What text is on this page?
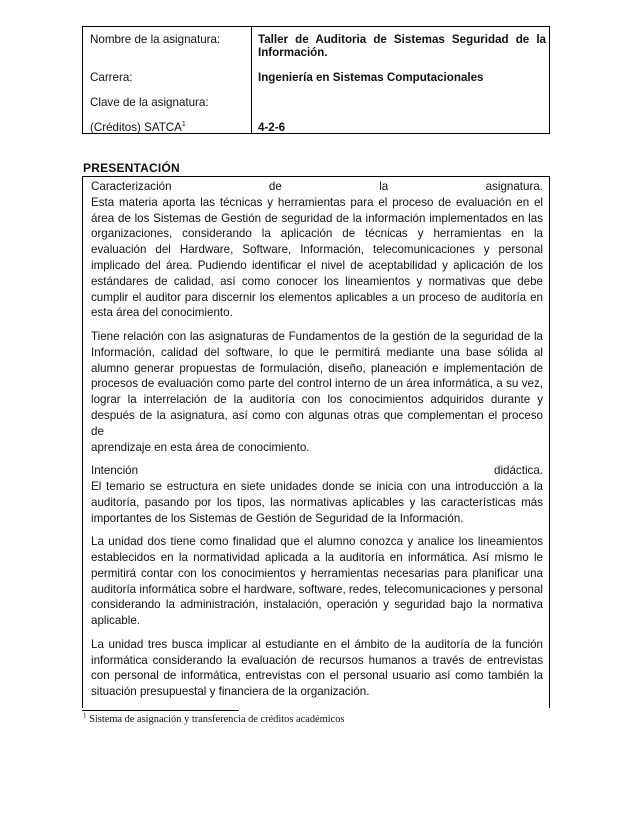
Nombre de la asignatura:	Taller de Auditoria de Sistemas Seguridad de la Información.
Carrera:	Ingeniería en Sistemas Computacionales
Clave de la asignatura:
(Créditos) SATCA$^1$	4-2-6
PRESENTACIÓN

Caracterización de la asignatura.
Esta materia aporta las técnicas y herramientas para el proceso de evaluación en el
área de los Sistemas de Gestión de seguridad de la información implementados en las
organizaciones, considerando la aplicación de técnicas y herramientas en la
evaluación del Hardware, Software, Información, telecomunicaciones y personal
implicado del área. Pudiendo identificar el nivel de aceptabilidad y aplicación de los
estándares de calidad, así como conocer los lineamientos y normativas que debe
cumplir el auditor para discernir los elementos aplicables a un proceso de auditoría en
esta área del conocimiento.

Tiene relación con las asignaturas de Fundamentos de la gestión de la seguridad de la
Información, calidad del software, lo que le permitirá mediante una base sólida al
alumno generar propuestas de formulación, diseño, planeación e implementación de
procesos de evaluación como parte del control interno de un área informática, a su vez,
lograr la interrelación de la auditoría con los conocimientos adquiridos durante y
después de la asignatura, así como con algunas otras que complementan el proceso de
aprendizaje en esta área de conocimiento.

Intención didáctica.
El temario se estructura en siete unidades donde se inicia con una introducción a la
auditoría, pasando por los tipos, las normativas aplicables y las características más
importantes de los Sistemas de Gestión de Seguridad de la Información.

La unidad dos tiene como finalidad que el alumno conozca y analice los lineamientos
establecidos en la normatividad aplicada a la auditoría en informática. Así mismo le
permitirá contar con los conocimientos y herramientas necesarias para planificar una
auditoría informática sobre el hardware, software, redes, telecomunicaciones y personal
considerando la administración, instalación, operación y seguridad bajo la normativa
aplicable.

La unidad tres busca implicar al estudiante en el ámbito de la auditoría de la función
informática considerando la evaluación de recursos humanos a través de entrevistas
con personal de informática, entrevistas con el personal usuario así como también la
situación presupuestal y financiera de la organización.

$^1$ Sistema de asignación y transferencia de créditos académicos
